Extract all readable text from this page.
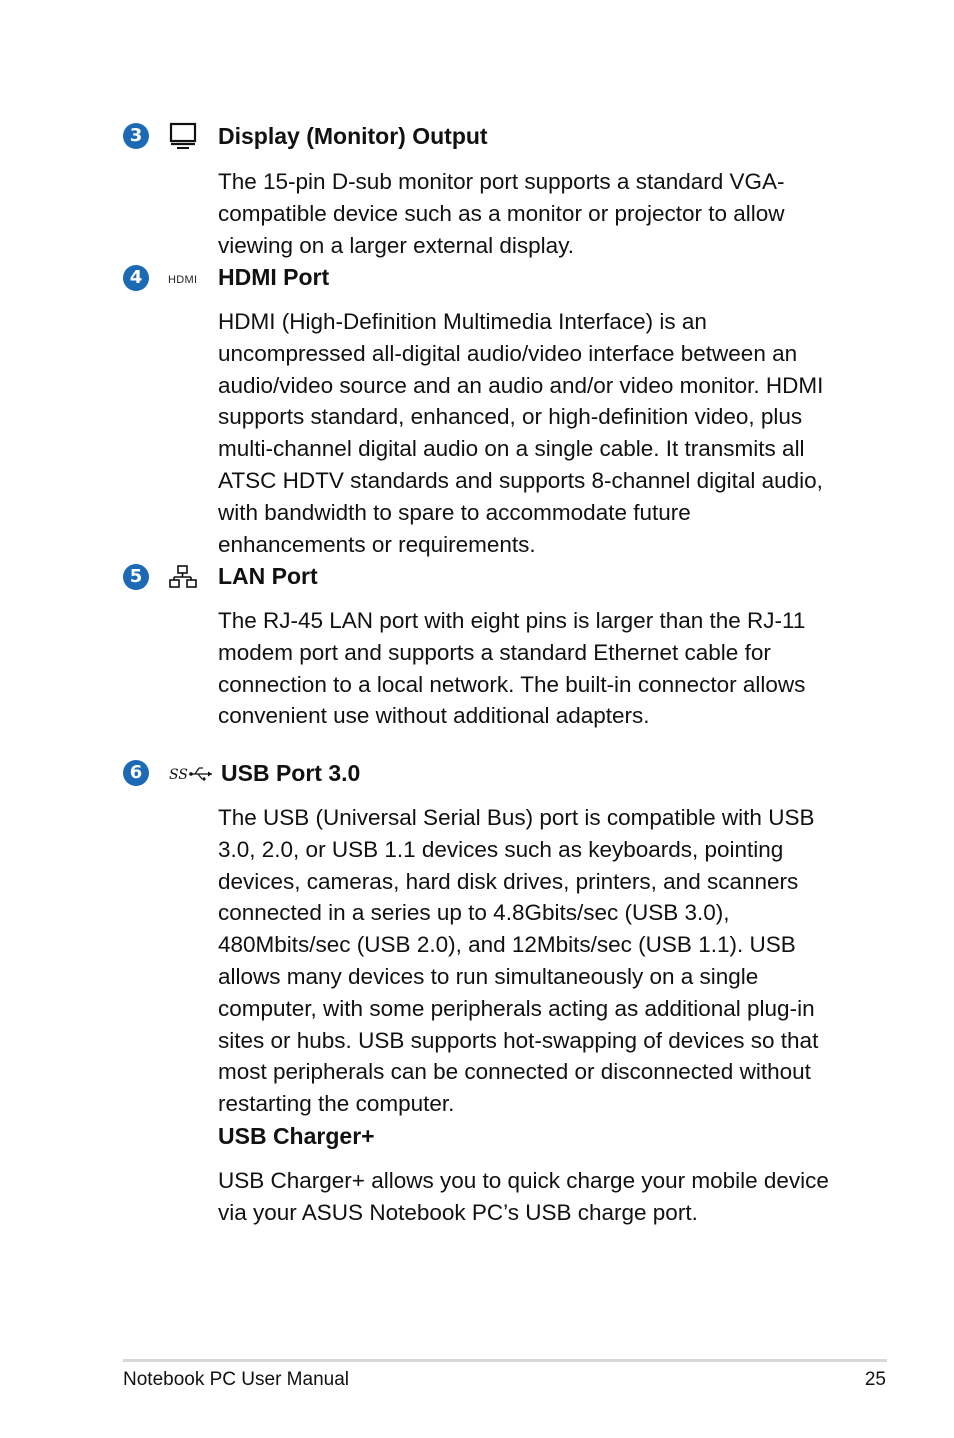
3	Display (Monitor) Output

The 15-pin D-sub monitor port supports a standard VGA-compatible device such as a monitor or projector to allow viewing on a larger external display.

4	HDMI HDMI Port

HDMI (High-Definition Multimedia Interface) is an uncompressed all-digital audio/video interface between an audio/video source and an audio and/or video monitor. HDMI supports standard, enhanced, or high-definition video, plus multi-channel digital audio on a single cable. It transmits all ATSC HDTV standards and supports 8-channel digital audio, with bandwidth to spare to accommodate future enhancements or requirements.

5	LAN Port

The RJ-45 LAN port with eight pins is larger than the RJ-11 modem port and supports a standard Ethernet cable for connection to a local network. The built-in connector allows convenient use without additional adapters.

6	SS USB Port 3.0

The USB (Universal Serial Bus) port is compatible with USB 3.0, 2.0, or USB 1.1 devices such as keyboards, pointing devices, cameras, hard disk drives, printers, and scanners connected in a series up to 4.8Gbits/sec (USB 3.0), 480Mbits/sec (USB 2.0), and 12Mbits/sec (USB 1.1). USB allows many devices to run simultaneously on a single computer, with some peripherals acting as additional plug-in sites or hubs. USB supports hot-swapping of devices so that most peripherals can be connected or disconnected without restarting the computer.

USB Charger+

USB Charger+ allows you to quick charge your mobile device via your ASUS Notebook PC’s USB charge port.

Notebook PC User Manual	25
